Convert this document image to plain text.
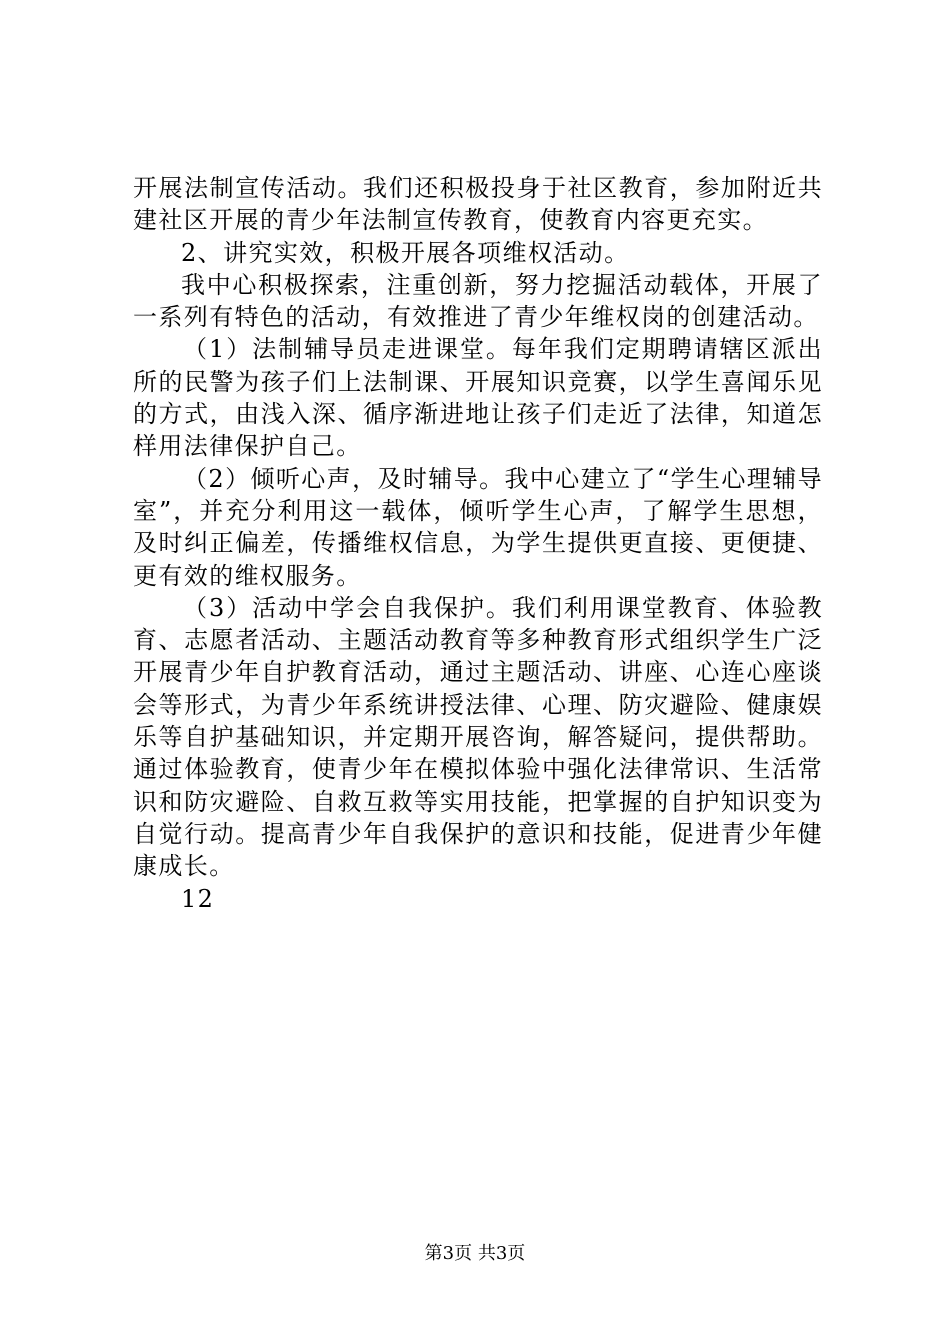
开展法制宣传活动。我们还积极投身于社区教育，参加附近共建社区开展的青少年法制宣传教育，使教育内容更充实。

2、讲究实效，积极开展各项维权活动。

我中心积极探索，注重创新，努力挖掘活动载体，开展了一系列有特色的活动，有效推进了青少年维权岗的创建活动。

（1）法制辅导员走进课堂。每年我们定期聘请辖区派出所的民警为孩子们上法制课、开展知识竞赛，以学生喜闻乐见的方式，由浅入深、循序渐进地让孩子们走近了法律，知道怎样用法律保护自己。

（2）倾听心声，及时辅导。我中心建立了“学生心理辅导室”，并充分利用这一载体，倾听学生心声，了解学生思想，及时纠正偏差，传播维权信息，为学生提供更直接、更便捷、更有效的维权服务。

（3）活动中学会自我保护。我们利用课堂教育、体验教育、志愿者活动、主题活动教育等多种教育形式组织学生广泛开展青少年自护教育活动，通过主题活动、讲座、心连心座谈会等形式，为青少年系统讲授法律、心理、防灾避险、健康娱乐等自护基础知识，并定期开展咨询，解答疑问，提供帮助。通过体验教育，使青少年在模拟体验中强化法律常识、生活常识和防灾避险、自救互救等实用技能，把掌握的自护知识变为自觉行动。提高青少年自我保护的意识和技能，促进青少年健康成长。

12

第3页 共3页
